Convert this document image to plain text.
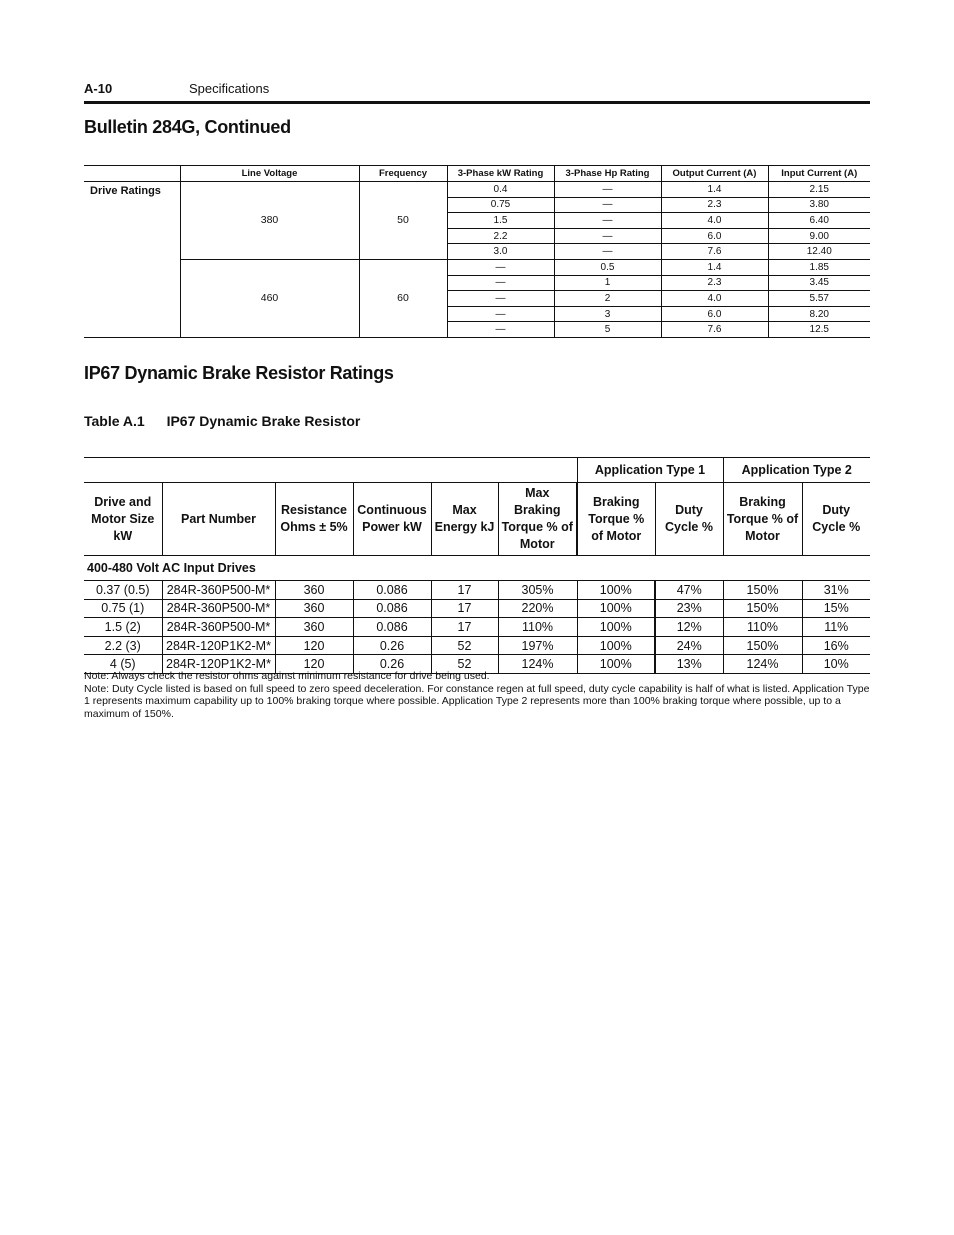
A-10	Specifications
Bulletin 284G, Continued
	Line Voltage	Frequency	3-Phase kW Rating	3-Phase Hp Rating	Output Current (A)	Input Current (A)
Drive Ratings	380	50	0.4	—	1.4	2.15
			0.75	—	2.3	3.80
			1.5	—	4.0	6.40
			2.2	—	6.0	9.00
			3.0	—	7.6	12.40
	460	60	—	0.5	1.4	1.85
			—	1	2.3	3.45
			—	2	4.0	5.57
			—	3	6.0	8.20
			—	5	7.6	12.5
IP67 Dynamic Brake Resistor Ratings
Table A.1 IP67 Dynamic Brake Resistor
						Application Type 1		Application Type 2	
Drive and Motor Size kW	Part Number	Resistance Ohms ± 5%	Continuous Power kW	Max Energy kJ	Max Braking Torque % of Motor	Braking Torque % of Motor	Duty Cycle %	Braking Torque % of Motor	Duty Cycle %
400-480 Volt AC Input Drives									
0.37 (0.5)	284R-360P500-M*	360	0.086	17	305%	100%	47%	150%	31%
0.75 (1)	284R-360P500-M*	360	0.086	17	220%	100%	23%	150%	15%
1.5 (2)	284R-360P500-M*	360	0.086	17	110%	100%	12%	110%	11%
2.2 (3)	284R-120P1K2-M*	120	0.26	52	197%	100%	24%	150%	16%
4 (5)	284R-120P1K2-M*	120	0.26	52	124%	100%	13%	124%	10%

Note: Always check the resistor ohms against minimum resistance for drive being used.

Note: Duty Cycle listed is based on full speed to zero speed deceleration. For constance regen at full speed, duty cycle capability is half of what is listed. Application Type 1 represents maximum capability up to 100% braking torque where possible. Application Type 2 represents more than 100% braking torque where possible, up to a maximum of 150%.
